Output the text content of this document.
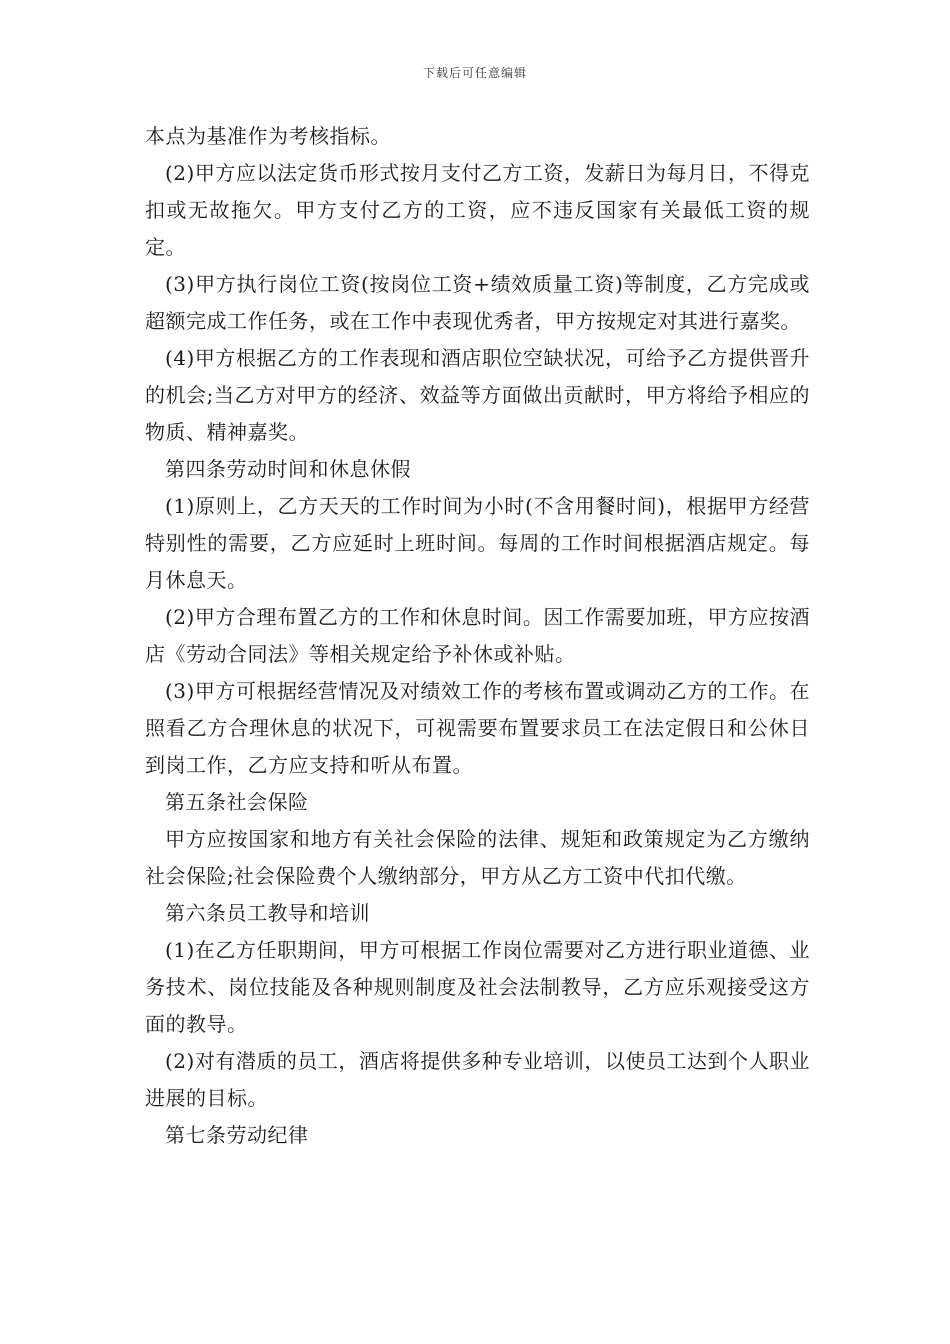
下载后可任意编辑

本点为基准作为考核指标。

(2)甲方应以法定货币形式按月支付乙方工资，发薪日为每月日，不得克扣或无故拖欠。甲方支付乙方的工资，应不违反国家有关最低工资的规定。

(3)甲方执行岗位工资(按岗位工资+绩效质量工资)等制度，乙方完成或超额完成工作任务，或在工作中表现优秀者，甲方按规定对其进行嘉奖。

(4)甲方根据乙方的工作表现和酒店职位空缺状况，可给予乙方提供晋升的机会;当乙方对甲方的经济、效益等方面做出贡献时，甲方将给予相应的物质、精神嘉奖。

第四条劳动时间和休息休假

(1)原则上，乙方天天的工作时间为小时(不含用餐时间)，根据甲方经营特别性的需要，乙方应延时上班时间。每周的工作时间根据酒店规定。每月休息天。

(2)甲方合理布置乙方的工作和休息时间。因工作需要加班，甲方应按酒店《劳动合同法》等相关规定给予补休或补贴。

(3)甲方可根据经营情况及对绩效工作的考核布置或调动乙方的工作。在照看乙方合理休息的状况下，可视需要布置要求员工在法定假日和公休日到岗工作，乙方应支持和听从布置。

第五条社会保险

甲方应按国家和地方有关社会保险的法律、规矩和政策规定为乙方缴纳社会保险;社会保险费个人缴纳部分，甲方从乙方工资中代扣代缴。

第六条员工教导和培训

(1)在乙方任职期间，甲方可根据工作岗位需要对乙方进行职业道德、业务技术、岗位技能及各种规则制度及社会法制教导，乙方应乐观接受这方面的教导。

(2)对有潜质的员工，酒店将提供多种专业培训，以使员工达到个人职业进展的目标。

第七条劳动纪律
